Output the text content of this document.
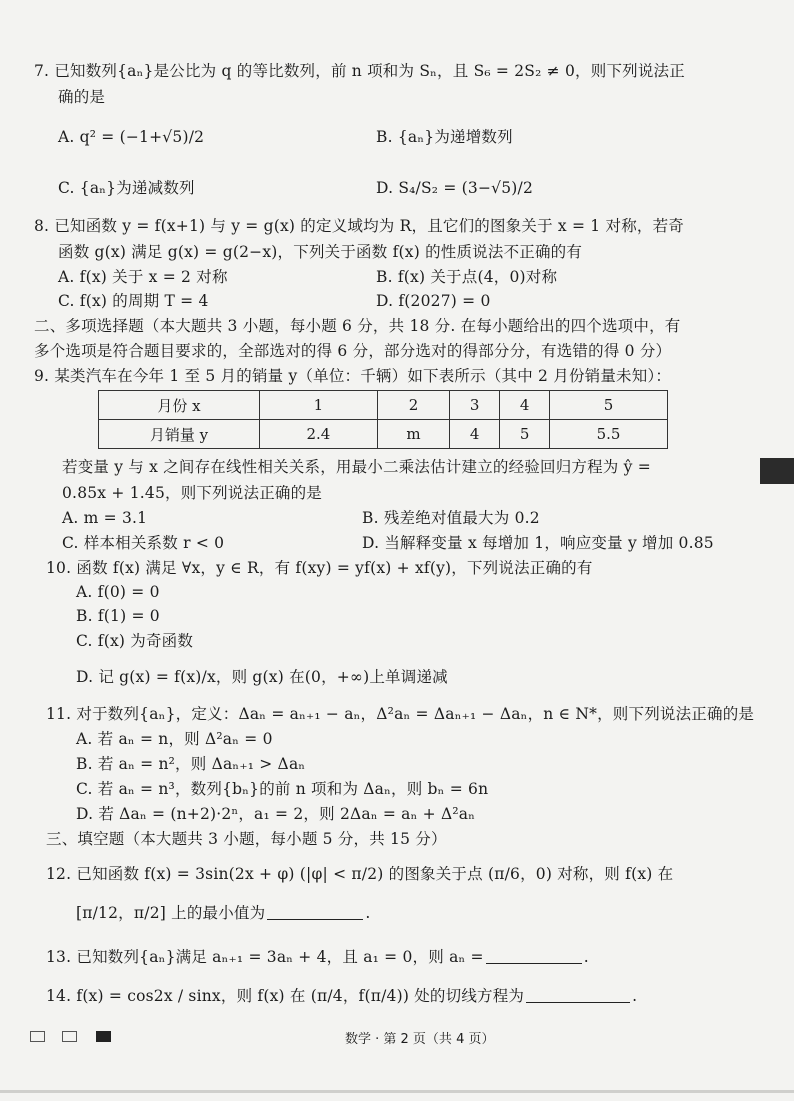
7. 已知数列{aₙ}是公比为 q 的等比数列，前 n 项和为 Sₙ，且 S₆ = 2S₂ ≠ 0，则下列说法正
确的是
A. q² = (−1+√5)/2	B. {aₙ}为递增数列
C. {aₙ}为递减数列	D. S₄/S₂ = (3−√5)/2
8. 已知函数 y = f(x+1) 与 y = g(x) 的定义域均为 R，且它们的图象关于 x = 1 对称，若奇
函数 g(x) 满足 g(x) = g(2−x)，下列关于函数 f(x) 的性质说法不正确的有
A. f(x) 关于 x = 2 对称	B. f(x) 关于点(4，0)对称
C. f(x) 的周期 T = 4	D. f(2027) = 0
二、多项选择题（本大题共 3 小题，每小题 6 分，共 18 分. 在每小题给出的四个选项中，有
多个选项是符合题目要求的，全部选对的得 6 分，部分选对的得部分分，有选错的得 0 分）
9. 某类汽车在今年 1 至 5 月的销量 y（单位：千辆）如下表所示（其中 2 月份销量未知）：
月份 x	1	2	3	4	5
月销量 y	2.4	m	4	5	5.5
若变量 y 与 x 之间存在线性相关关系，用最小二乘法估计建立的经验回归方程为 ŷ =
0.85x + 1.45，则下列说法正确的是
A. m = 3.1	B. 残差绝对值最大为 0.2
C. 样本相关系数 r < 0	D. 当解释变量 x 每增加 1，响应变量 y 增加 0.85
10. 函数 f(x) 满足 ∀x，y ∈ R，有 f(xy) = yf(x) + xf(y)，下列说法正确的有
A. f(0) = 0
B. f(1) = 0
C. f(x) 为奇函数
D. 记 g(x) = f(x)/x，则 g(x) 在(0，+∞)上单调递减
11. 对于数列{aₙ}，定义：Δaₙ = aₙ₊₁ − aₙ，Δ²aₙ = Δaₙ₊₁ − Δaₙ，n ∈ N*，则下列说法正确的是
A. 若 aₙ = n，则 Δ²aₙ = 0
B. 若 aₙ = n²，则 Δaₙ₊₁ > Δaₙ
C. 若 aₙ = n³，数列{bₙ}的前 n 项和为 Δaₙ，则 bₙ = 6n
D. 若 Δaₙ = (n+2)·2ⁿ，a₁ = 2，则 2Δaₙ = aₙ + Δ²aₙ
三、填空题（本大题共 3 小题，每小题 5 分，共 15 分）
12. 已知函数 f(x) = 3sin(2x + φ) (|φ| < π/2) 的图象关于点 (π/6，0) 对称，则 f(x) 在
[π/12，π/2] 上的最小值为	.
13. 已知数列{aₙ}满足 aₙ₊₁ = 3aₙ + 4，且 a₁ = 0，则 aₙ =	.
14. f(x) = cos2x / sinx，则 f(x) 在 (π/4，f(π/4)) 处的切线方程为	.
数学 · 第 2 页（共 4 页）
